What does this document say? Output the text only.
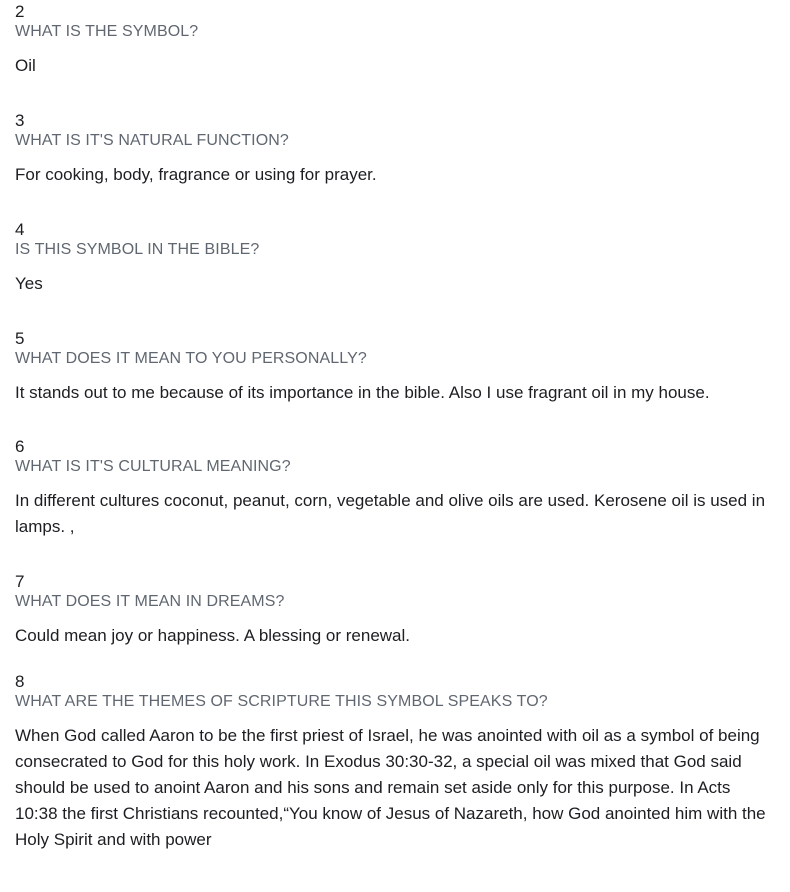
2
WHAT IS THE SYMBOL?
Oil
3
WHAT IS IT'S NATURAL FUNCTION?
For cooking, body, fragrance or using for prayer.
4
IS THIS SYMBOL IN THE BIBLE?
Yes
5
WHAT DOES IT MEAN TO YOU PERSONALLY?
It stands out to me because of its importance in the bible. Also I use fragrant oil in my house.
6
WHAT IS IT'S CULTURAL MEANING?
In different cultures coconut, peanut, corn, vegetable and olive oils are used. Kerosene oil is used in lamps. ,
7
WHAT DOES IT MEAN IN DREAMS?
Could mean joy or happiness. A blessing or renewal.
8
WHAT ARE THE THEMES OF SCRIPTURE THIS SYMBOL SPEAKS TO?
When God called Aaron to be the first priest of Israel, he was anointed with oil as a symbol of being consecrated to God for this holy work. In Exodus 30:30-32, a special oil was mixed that God said should be used to anoint Aaron and his sons and remain set aside only for this purpose. In Acts 10:38 the first Christians recounted,“You know of Jesus of Nazareth, how God anointed him with the Holy Spirit and with power
